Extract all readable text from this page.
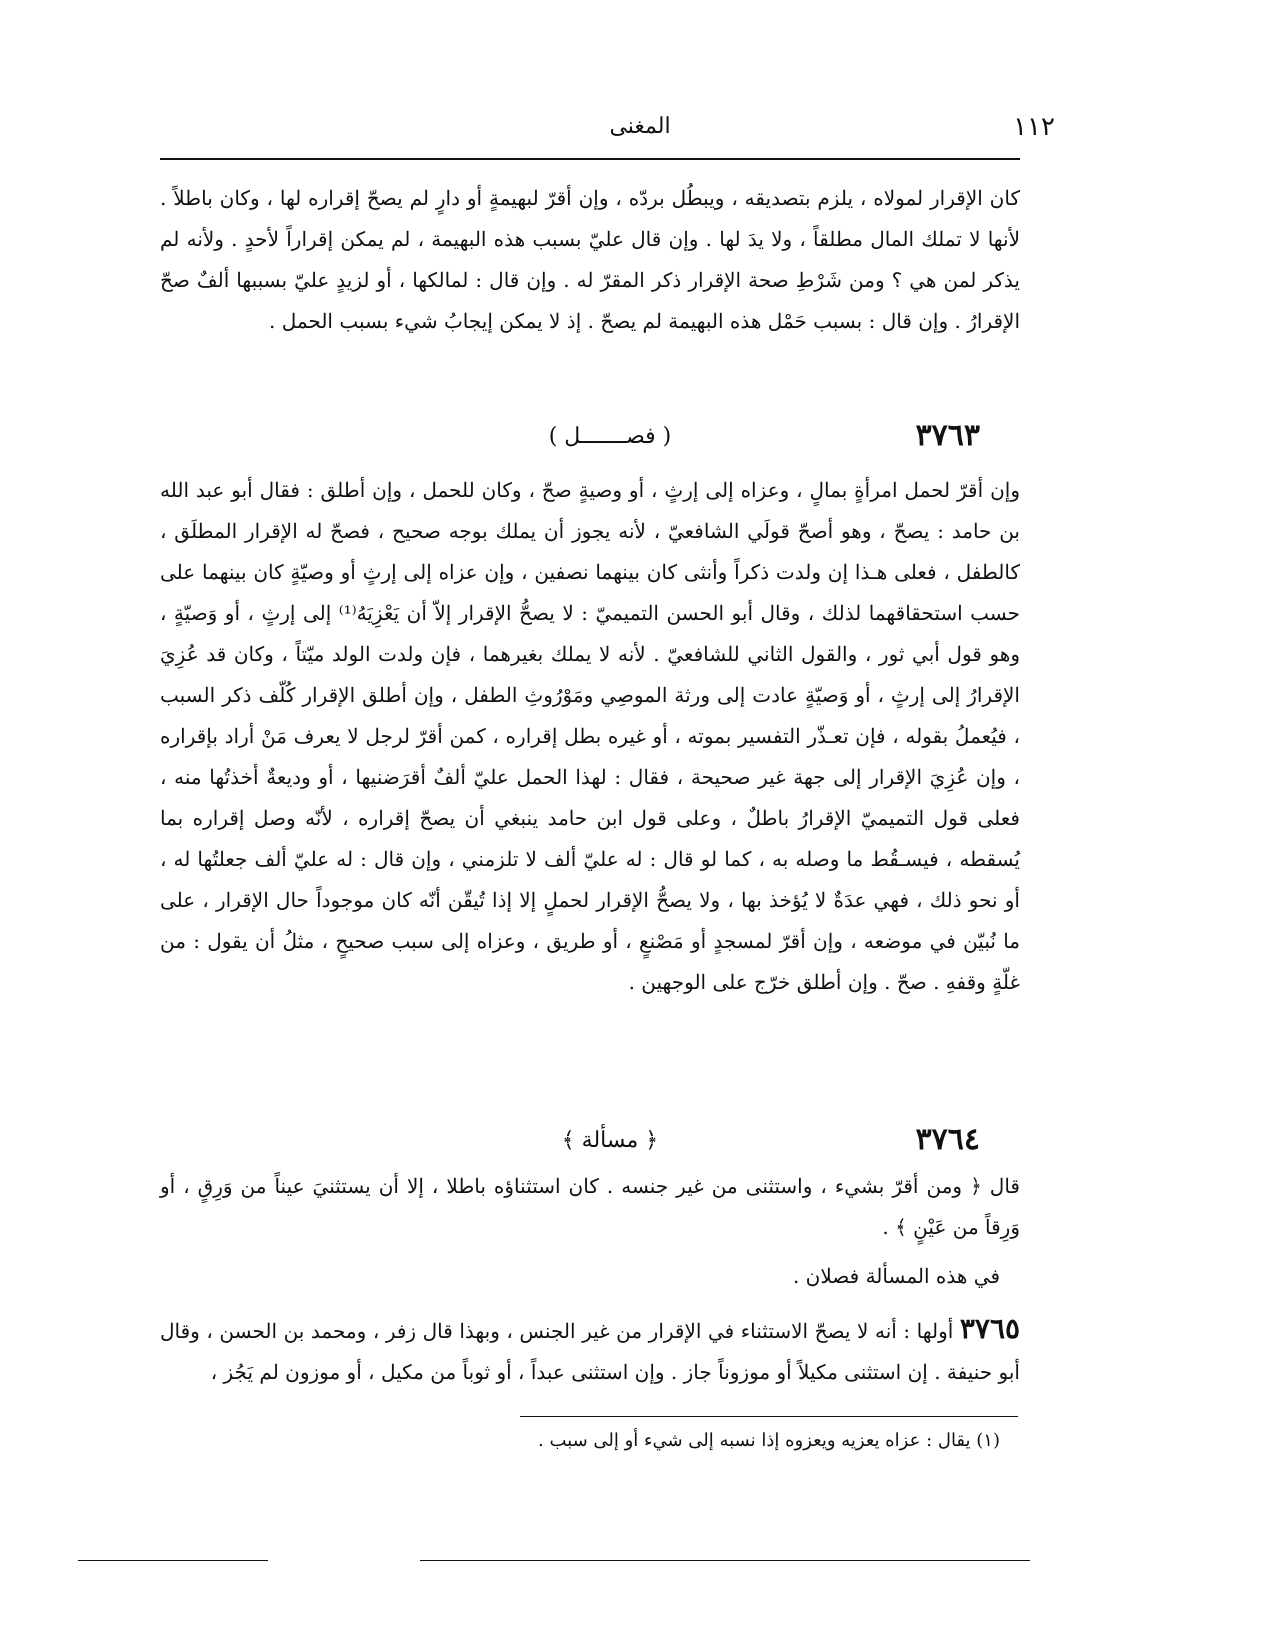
١١٢
المغنى
كان الإقرار لمولاه ، يلزم بتصديقه ، ويبطُل بردّه ، وإن أقرّ لبهيمةٍ أو دارٍ لم يصحّ إقراره لها ، وكان باطلاً . لأنها لا تملك المال مطلقاً ، ولا يدَ لها . وإن قال عليّ بسبب هذه البهيمة ، لم يمكن إقراراً لأحدٍ . ولأنه لم يذكر لمن هي ؟ ومن شَرْطِ صحة الإقرار ذكر المقرّ له . وإن قال : لمالكها ، أو لزيدٍ عليّ بسببها ألفٌ صحّ الإقرارُ . وإن قال : بسبب حَمْل هذه البهيمة لم يصحّ . إذ لا يمكن إيجابُ شيء بسبب الحمل .
٣٧٦٣
( فصـــــــل )
وإن أقرّ لحمل امرأةٍ بمالٍ ، وعزاه إلى إرثٍ ، أو وصيةٍ صحّ ، وكان للحمل ، وإن أطلق : فقال أبو عبد الله بن حامد : يصحّ ، وهو أصحّ قولَي الشافعيّ ، لأنه يجوز أن يملك بوجه صحيح ، فصحّ له الإقرار المطلَق ، كالطفل ، فعلى هـذا إن ولدت ذكراً وأنثى كان بينهما نصفين ، وإن عزاه إلى إرثٍ أو وصيّةٍ كان بينهما على حسب استحقاقهما لذلك ، وقال أبو الحسن التميميّ : لا يصحُّ الإقرار إلاّ أن يَعْزِيَهُ⁽¹⁾ إلى إرثٍ ، أو وَصيّةٍ ، وهو قول أبي ثور ، والقول الثاني للشافعيّ . لأنه لا يملك بغيرهما ، فإن ولدت الولد ميّتاً ، وكان قد عُزِيَ الإقرارُ إلى إرثٍ ، أو وَصيّةٍ عادت إلى ورثة الموصِي ومَوْرُوثِ الطفل ، وإن أطلق الإقرار كُلّف ذكر السبب ، فيُعملُ بقوله ، فإن تعـذّر التفسير بموته ، أو غيره بطل إقراره ، كمن أقرّ لرجل لا يعرف مَنْ أراد بإقراره ، وإن عُزِيَ الإقرار إلى جهة غير صحيحة ، فقال : لهذا الحمل عليّ ألفٌ أقرَضنيها ، أو وديعةٌ أخذتُها منه ، فعلى قول التميميّ الإقرارُ باطلٌ ، وعلى قول ابن حامد ينبغي أن يصحّ إقراره ، لأنّه وصل إقراره بما يُسقطه ، فيسـقُط ما وصله به ، كما لو قال : له عليّ ألف لا تلزمني ، وإن قال : له عليّ ألف جعلتُها له ، أو نحو ذلك ، فهي عدَةٌ لا يُؤخذ بها ، ولا يصحُّ الإقرار لحملٍ إلا إذا تُيقّن أنّه كان موجوداً حال الإقرار ، على ما نُبيّن في موضعه ، وإن أقرّ لمسجدٍ أو مَصْنعٍ ، أو طريق ، وعزاه إلى سبب صحيحٍ ، مثلُ أن يقول : من غلّةٍ وقفهِ . صحّ . وإن أطلق خرّج على الوجهين .
٣٧٦٤
﴿ مسألة ﴾
قال ﴿ ومن أقرّ بشيء ، واستثنى من غير جنسه . كان استثناؤه باطلا ، إلا أن يستثنيَ عيناً من وَرِقٍ ، أو وَرِقاً من عَيْنٍ ﴾ .
في هذه المسألة فصلان .
٣٧٦٥ أولها : أنه لا يصحّ الاستثناء في الإقرار من غير الجنس ، وبهذا قال زفر ، ومحمد بن الحسن ، وقال أبو حنيفة . إن استثنى مكيلاً أو موزوناً جاز . وإن استثنى عبداً ، أو ثوباً من مكيل ، أو موزون لم يَجُز ،
(١) يقال : عزاه يعزيه ويعزوه إذا نسبه إلى شيء أو إلى سبب .
